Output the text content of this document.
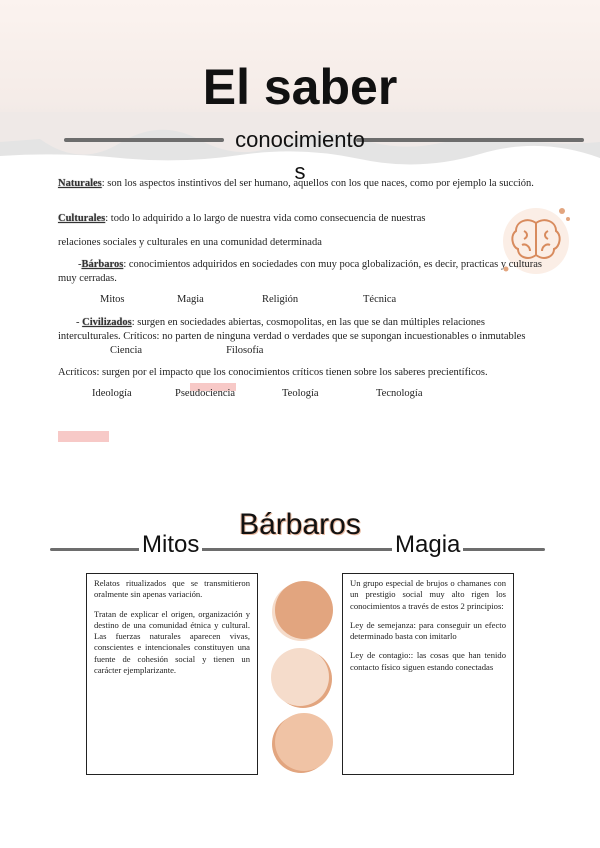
El saber
conocimientos

Naturales: son los aspectos instintivos del ser humano, aquellos con los que naces, como por ejemplo la succión.

Culturales: todo lo adquirido a lo largo de nuestra vida como consecuencia de nuestras

relaciones sociales y culturales en una comunidad determinada

-Bárbaros: conocimientos adquiridos en sociedades con muy poca globalización, es decir, practicas y culturas muy cerradas.

Mitos	Magia	Religión	Técnica

- Civilizados: surgen en sociedades abiertas, cosmopolitas, en las que se dan múltiples relaciones interculturales. Críticos: no parten de ninguna verdad o verdades que se supongan incuestionables o inmutablesCiencia	Filosofía

Acríticos: surgen por el impacto que los conocimientos críticos tienen sobre los saberes precientíficos.

Ideología	Pseudociencia	Teología	Tecnología
Bárbaros
Mitos	Magia

Relatos ritualizados que se transmitieron oralmente sin apenas variación.

Tratan de explicar el origen, organización y destino de una comunidad étnica y cultural. Las fuerzas naturales aparecen vivas, conscientes e intencionales constituyen una fuente de cohesión social y tienen un carácter ejemplarizante.

Un grupo especial de brujos o chamanes con un prestigio social muy alto rigen los conocimientos a través de estos 2 principios:

Ley de semejanza: para conseguir un efecto determinado basta con imitarlo

Ley de contagio:: las cosas que han tenido contacto físico siguen estando conectadas
